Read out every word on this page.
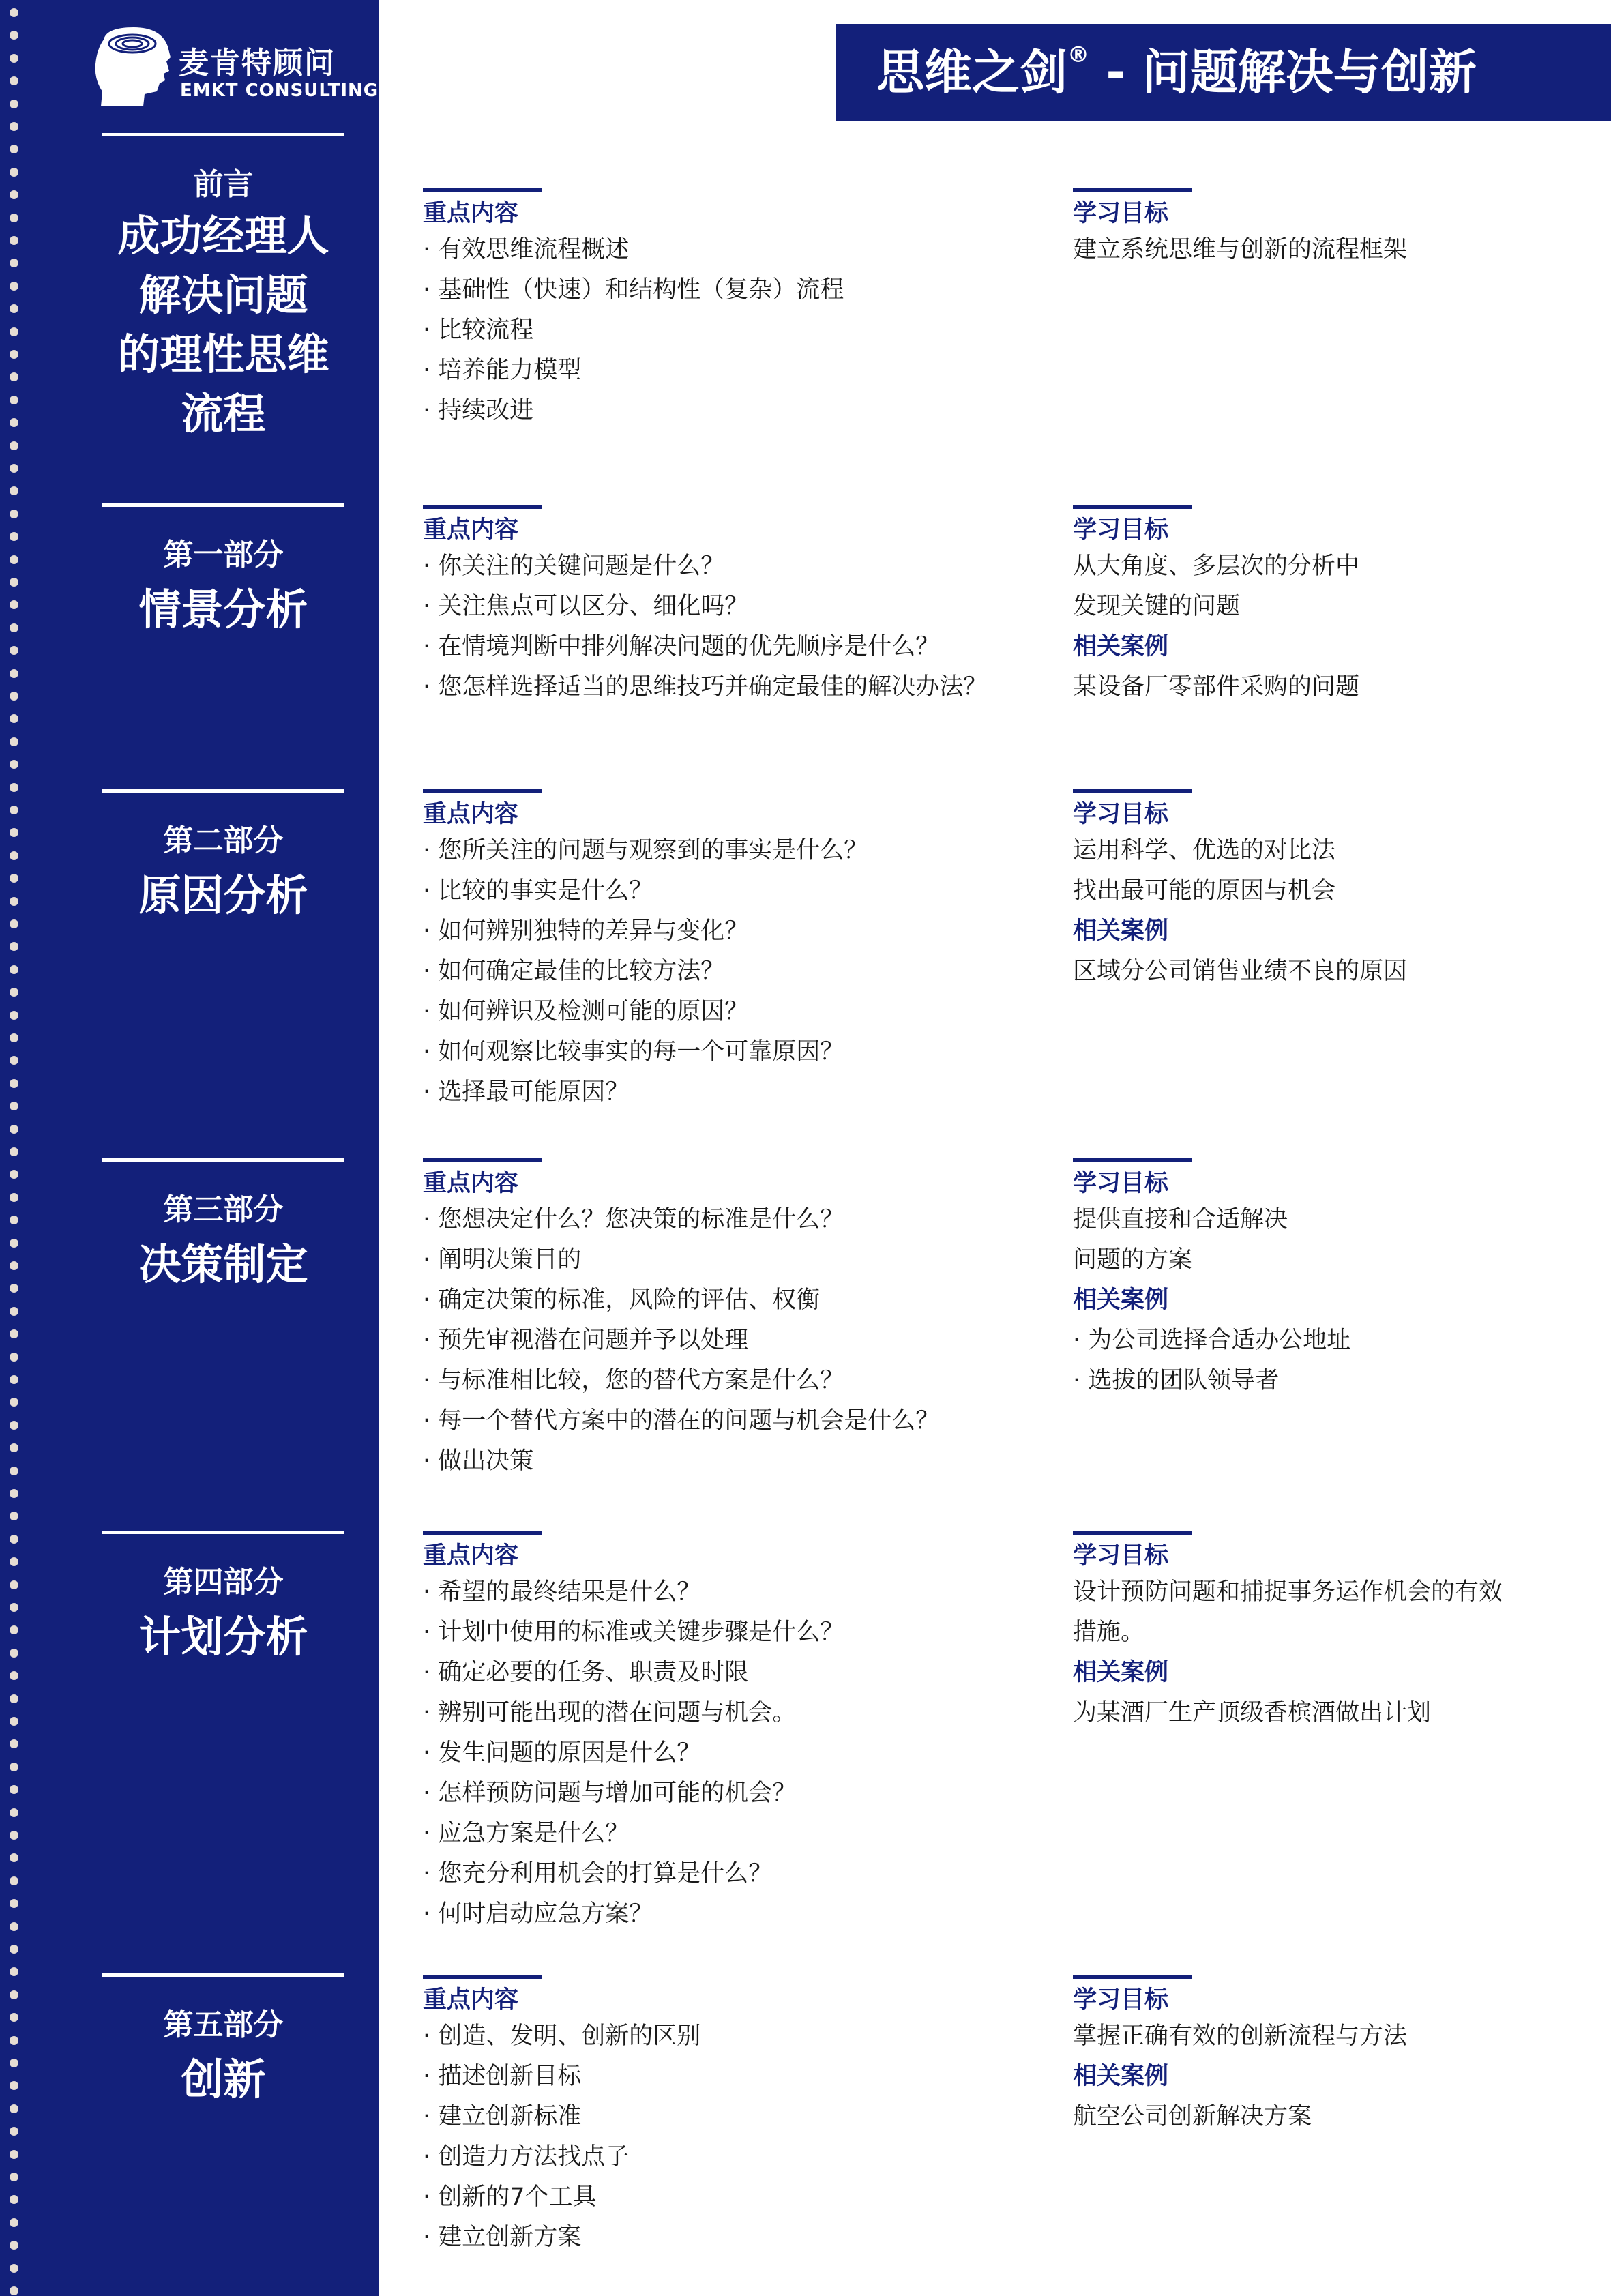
麦肯特顾问
EMKT CONSULTING
前言
成功经理人
解决问题
的理性思维
流程
第一部分
情景分析
第二部分
原因分析
第三部分
决策制定
第四部分
计划分析
第五部分
创新
思维之剑® - 问题解决与创新
重点内容
· 有效思维流程概述
· 基础性（快速）和结构性（复杂）流程
· 比较流程
· 培养能力模型
· 持续改进
学习目标
建立系统思维与创新的流程框架
重点内容
· 你关注的关键问题是什么？
· 关注焦点可以区分、细化吗？
· 在情境判断中排列解决问题的优先顺序是什么？
· 您怎样选择适当的思维技巧并确定最佳的解决办法？
学习目标
从大角度、多层次的分析中
发现关键的问题
相关案例
某设备厂零部件采购的问题
重点内容
· 您所关注的问题与观察到的事实是什么？
· 比较的事实是什么？
· 如何辨别独特的差异与变化？
· 如何确定最佳的比较方法？
· 如何辨识及检测可能的原因？
· 如何观察比较事实的每一个可靠原因？
· 选择最可能原因？
学习目标
运用科学、优选的对比法
找出最可能的原因与机会
相关案例
区域分公司销售业绩不良的原因
重点内容
· 您想决定什么？您决策的标准是什么？
· 阐明决策目的
· 确定决策的标准，风险的评估、权衡
· 预先审视潜在问题并予以处理
· 与标准相比较，您的替代方案是什么？
· 每一个替代方案中的潜在的问题与机会是什么？
· 做出决策
学习目标
提供直接和合适解决
问题的方案
相关案例
· 为公司选择合适办公地址
· 选拔的团队领导者
重点内容
· 希望的最终结果是什么？
· 计划中使用的标准或关键步骤是什么？
· 确定必要的任务、职责及时限
· 辨别可能出现的潜在问题与机会。
· 发生问题的原因是什么？
· 怎样预防问题与增加可能的机会？
· 应急方案是什么？
· 您充分利用机会的打算是什么？
· 何时启动应急方案？
学习目标
设计预防问题和捕捉事务运作机会的有效
措施。
相关案例
为某酒厂生产顶级香槟酒做出计划
重点内容
· 创造、发明、创新的区别
· 描述创新目标
· 建立创新标准
· 创造力方法找点子
· 创新的7个工具
· 建立创新方案
学习目标
掌握正确有效的创新流程与方法
相关案例
航空公司创新解决方案
